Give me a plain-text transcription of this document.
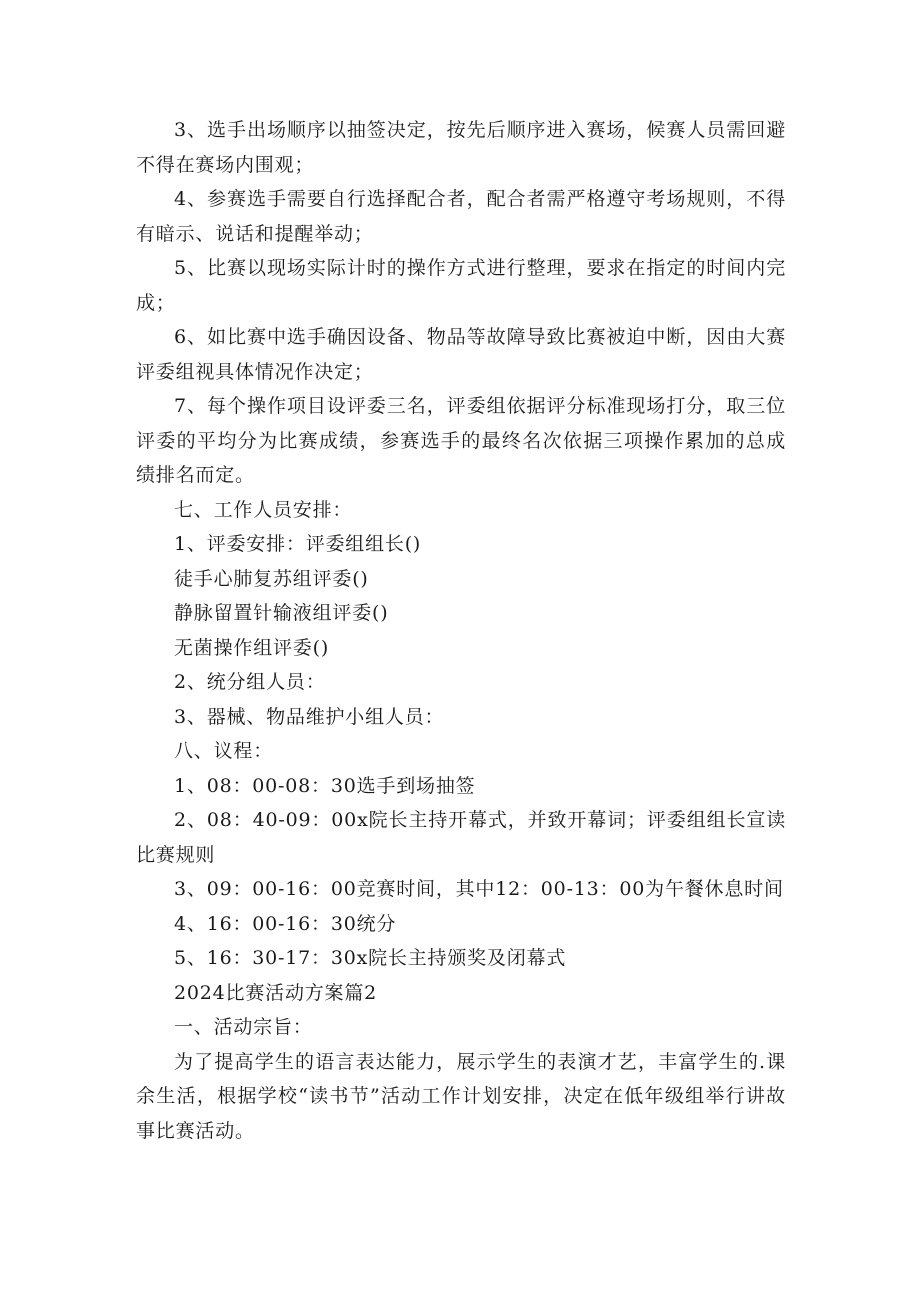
3、选手出场顺序以抽签决定，按先后顺序进入赛场，候赛人员需回避不得在赛场内围观；

4、参赛选手需要自行选择配合者，配合者需严格遵守考场规则，不得有暗示、说话和提醒举动；

5、比赛以现场实际计时的操作方式进行整理，要求在指定的时间内完成；

6、如比赛中选手确因设备、物品等故障导致比赛被迫中断，因由大赛评委组视具体情况作决定；

7、每个操作项目设评委三名，评委组依据评分标准现场打分，取三位评委的平均分为比赛成绩，参赛选手的最终名次依据三项操作累加的总成绩排名而定。

七、工作人员安排：

1、评委安排：评委组组长()

徒手心肺复苏组评委()

静脉留置针输液组评委()

无菌操作组评委()

2、统分组人员：

3、器械、物品维护小组人员：

八、议程：

1、08：00-08：30选手到场抽签

2、08：40-09：00x院长主持开幕式，并致开幕词；评委组组长宣读比赛规则

3、09：00-16：00竞赛时间，其中12：00-13：00为午餐休息时间

4、16：00-16：30统分

5、16：30-17：30x院长主持颁奖及闭幕式

2024比赛活动方案篇2

一、活动宗旨：

为了提高学生的语言表达能力，展示学生的表演才艺，丰富学生的.课余生活，根据学校“读书节”活动工作计划安排，决定在低年级组举行讲故事比赛活动。
